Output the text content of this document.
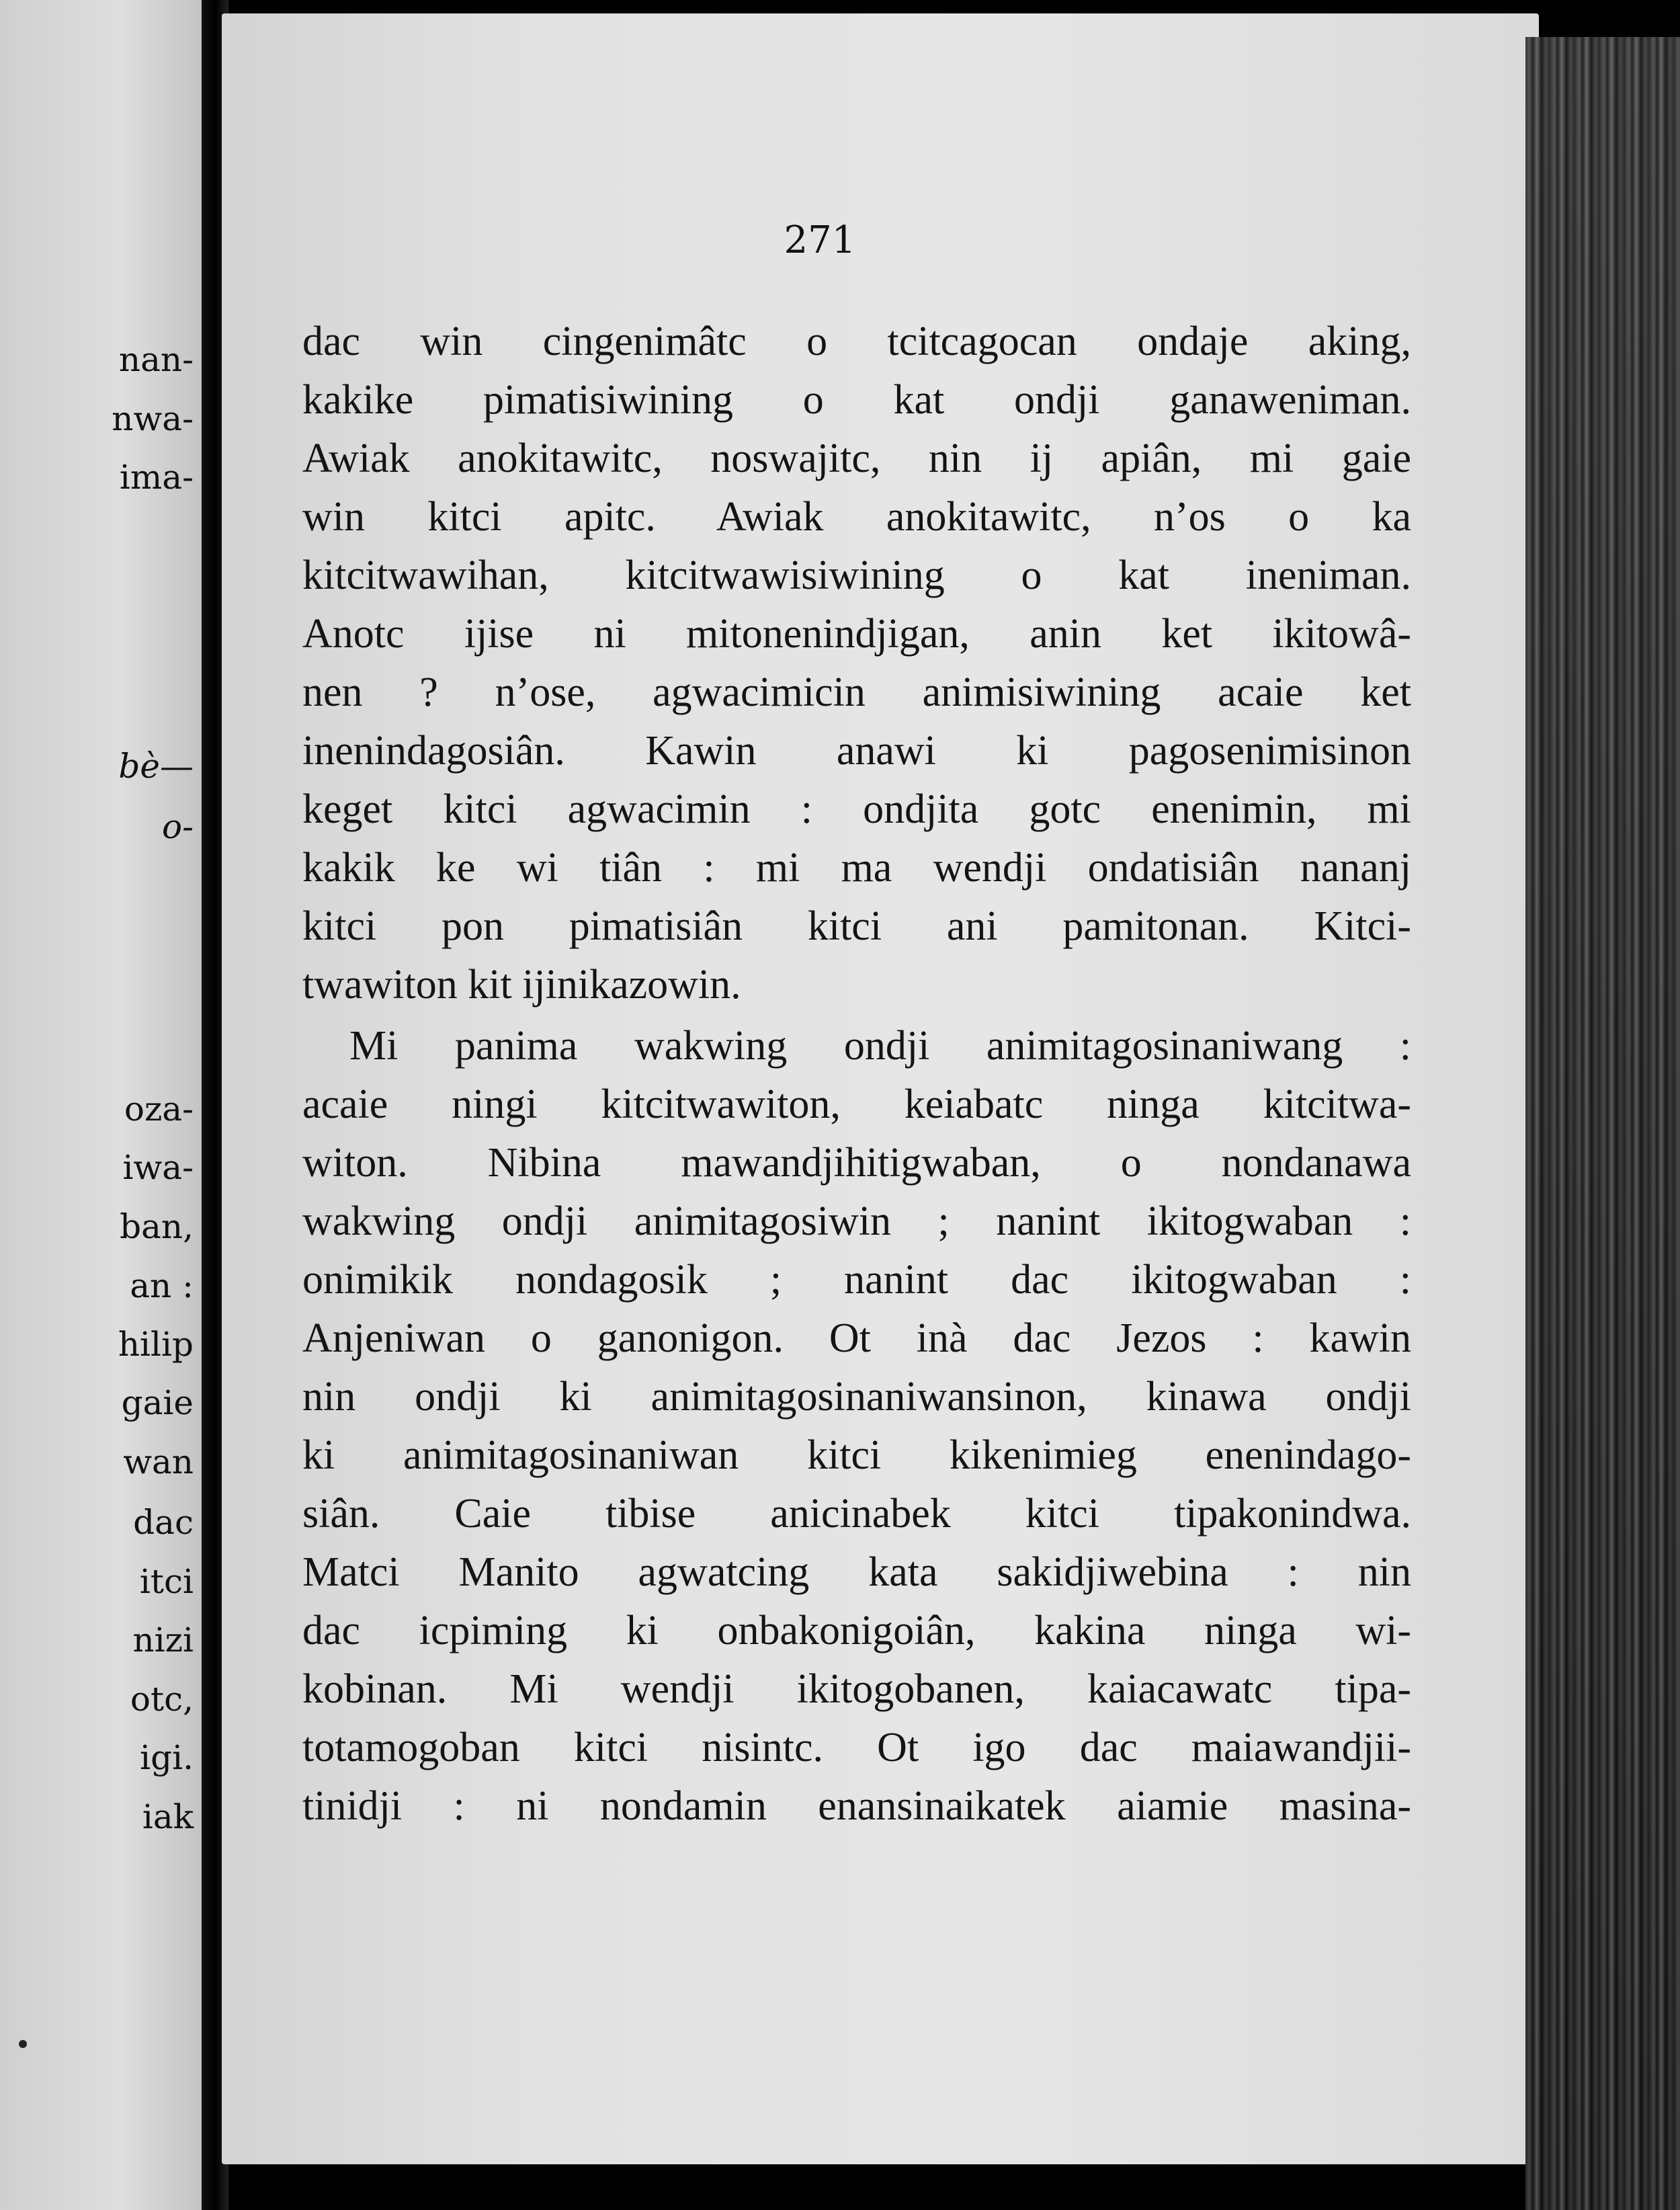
nan-
nwa-
ima-
bè—
o-
oza-
iwa-
ban,
an :
hilip
gaie
wan
dac
itci
nizi
otc,
igi.
iak
271
dac win cingenimâtc o tcitcagocan ondaje aking,
kakike pimatisiwining o kat ondji ganaweniman.
Awiak anokitawitc, noswajitc, nin ij apiân, mi gaie
win kitci apitc. Awiak anokitawitc, n’os o ka
kitcitwawihan, kitcitwawisiwining o kat ineniman.
Anotc ijise ni mitonenindjigan, anin ket ikitowâ-
nen ? n’ose, agwacimicin animisiwining acaie ket
inenindagosiân. Kawin anawi ki pagosenimisinon
keget kitci agwacimin : ondjita gotc enenimin, mi
kakik ke wi tiân : mi ma wendji ondatisiân nananj
kitci pon pimatisiân kitci ani pamitonan. Kitci-
twawiton kit ijinikazowin.
Mi panima wakwing ondji animitagosinaniwang :
acaie ningi kitcitwawiton, keiabatc ninga kitcitwa-
witon. Nibina mawandjihitigwaban, o nondanawa
wakwing ondji animitagosiwin ; nanint ikitogwaban :
onimikik nondagosik ; nanint dac ikitogwaban :
Anjeniwan o ganonigon. Ot inà dac Jezos : kawin
nin ondji ki animitagosinaniwansinon, kinawa ondji
ki animitagosinaniwan kitci kikenimieg enenindago-
siân. Caie tibise anicinabek kitci tipakonindwa.
Matci Manito agwatcing kata sakidjiwebina : nin
dac icpiming ki onbakonigoiân, kakina ninga wi-
kobinan. Mi wendji ikitogobanen, kaiacawatc tipa-
totamogoban kitci nisintc. Ot igo dac maiawandjii-
tinidji : ni nondamin enansinaikatek aiamie masina-
